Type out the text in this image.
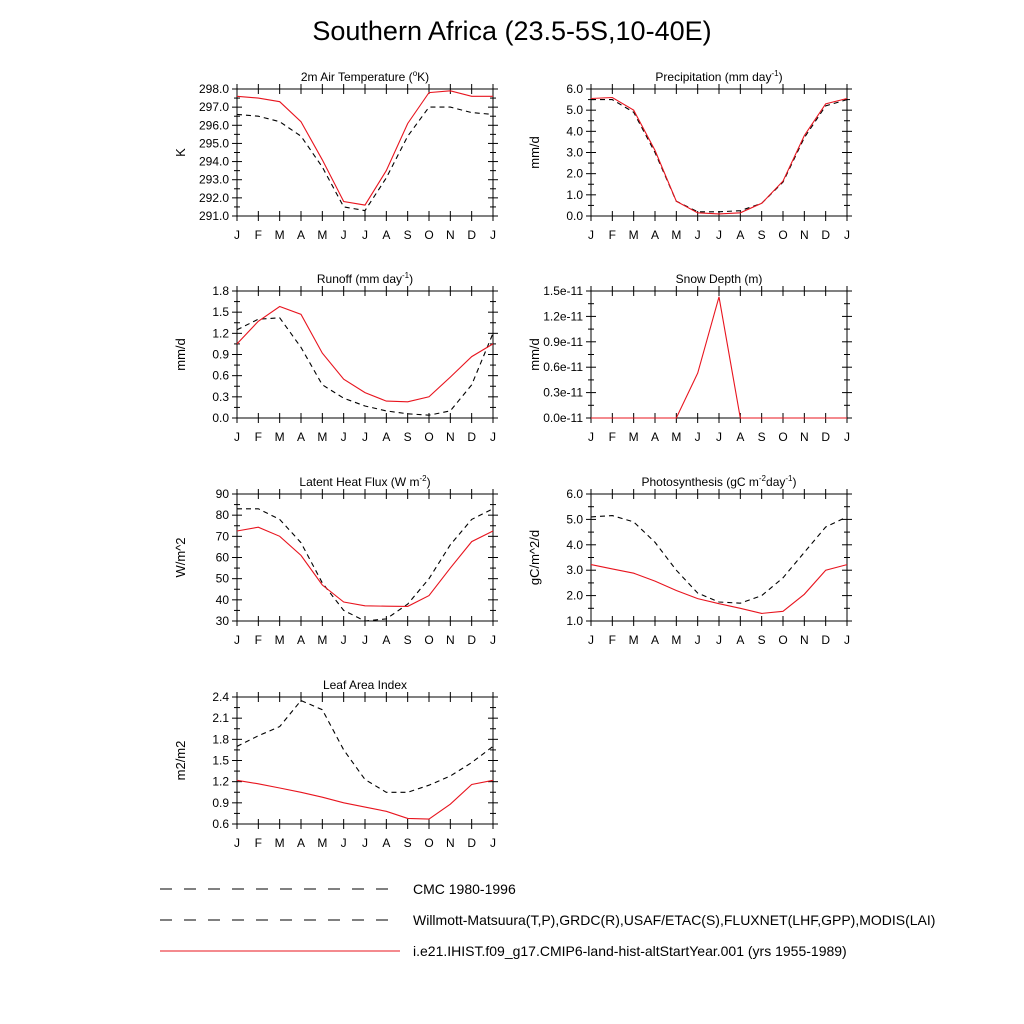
Southern Africa (23.5-5S,10-40E)
2m Air Temperature ($^o$K)
K
291.0
292.0
293.0
294.0
295.0
296.0
297.0
298.0
J F M A M J J A S O N D J
Precipitation (mm day$^{-1}$)
mm/d
0.0
1.0
2.0
3.0
4.0
5.0
6.0
J F M A M J J A S O N D J
Runoff (mm day$^{-1}$)
mm/d
0.0
0.3
0.6
0.9
1.2
1.5
1.8
J F M A M J J A S O N D J
Snow Depth (m)
mm/d
0.0e-11
0.3e-11
0.6e-11
0.9e-11
1.2e-11
1.5e-11
J F M A M J J A S O N D J
Latent Heat Flux (W $m^{-2}$)
W/m^2
30
40
50
60
70
80
90
J F M A M J J A S O N D J
Photosynthesis (gC $m^{-2}day^{-1}$)
gC/m^2/d
1.0
2.0
3.0
4.0
5.0
6.0
J F M A M J J A S O N D J
Leaf Area Index
m2/m2
0.6
0.9
1.2
1.5
1.8
2.1
2.4
J F M A M J J A S O N D J
CMC 1980-1996
Willmott-Matsuura(T,P),GRDC(R),USAF/ETAC(S),FLUXNET(LHF,GPP),MODIS(LAI)
i.e21.IHIST.f09_g17.CMIP6-land-hist-altStartYear.001 (yrs 1955-1989)
